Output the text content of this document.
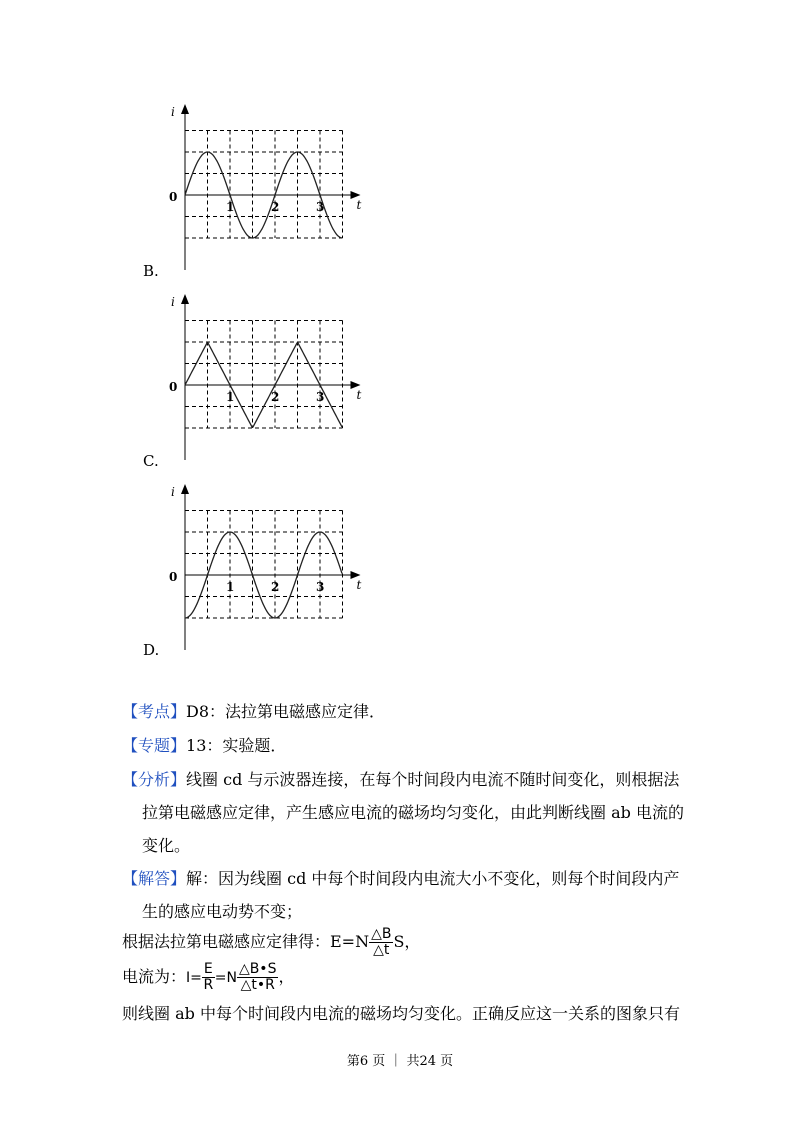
i
t
0
1	2	3
B.
i
t
0
1	2	3
C.
i
t
0
1	2	3
D.
【考点】D8：法拉第电磁感应定律．
【专题】13：实验题．
【分析】线圈 cd 与示波器连接，在每个时间段内电流不随时间变化，则根据法
拉第电磁感应定律，产生感应电流的磁场均匀变化，由此判断线圈 ab 电流的
变化。
【解答】解：因为线圈 cd 中每个时间段内电流大小不变化，则每个时间段内产
生的感应电动势不变；
根据法拉第电磁感应定律得：$E=N \frac{\triangle B}{\triangle t}$ S，
电流为：$I= \frac{E}{R} =N \frac{\triangle B•S}{\triangle t•R}$ ，
则线圈 ab 中每个时间段内电流的磁场均匀变化。正确反应这一关系的图象只有
第6 页 ｜ 共24 页
